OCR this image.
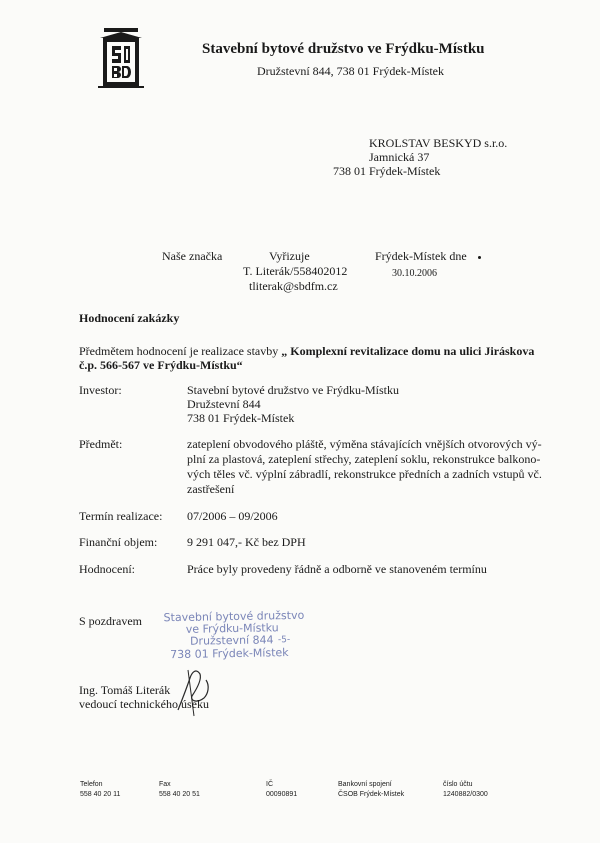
Stavební bytové družstvo ve Frýdku-Místku
Družstevní 844, 738 01 Frýdek-Místek
KROLSTAV BESKYD s.r.o.
Jamnická 37
738 01 Frýdek-Místek
Naše značka	Vyřizuje
T. Literák/558402012
tliterak@sbdfm.cz
Frýdek-Místek dne
30.10.2006
Hodnocení zakázky
Předmětem hodnocení je realizace stavby „ Komplexní revitalizace domu na ulici Jiráskova
č.p. 566-567 ve Frýdku-Místku“
Investor:	Stavební bytové družstvo ve Frýdku-Místku
Družstevní 844
738 01 Frýdek-Místek
Předmět:	zateplení obvodového pláště, výměna stávajících vnějších otvorových vý-
plní za plastová, zateplení střechy, zateplení soklu, rekonstrukce balkono-
vých těles vč. výplní zábradlí, rekonstrukce předních a zadních vstupů vč.
zastřešení
Termín realizace: 07/2006 – 09/2006
Finanční objem: 9 291 047,- Kč bez DPH
Hodnocení:	Práce byly provedeny řádně a odborně ve stanoveném termínu
S pozdravem Stavební bytové družstvo
ve Frýdku-Místku
Družstevní 844 -5-
738 01 Frýdek-Místek
Ing. Tomáš Literák
vedoucí technického úseku
Telefon
558 40 20 11
Fax
558 40 20 51
IČ
00090891
Bankovní spojení
ČSOB Frýdek-Místek
číslo účtu
1240882/0300
